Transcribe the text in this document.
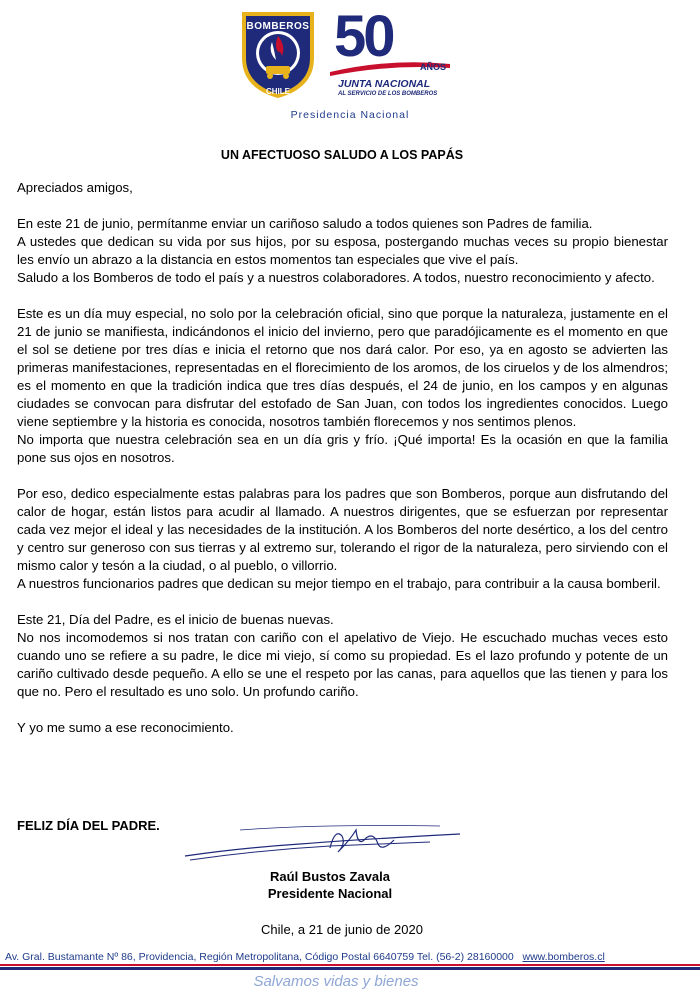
BOMBEROS
CHILE
50	AÑOS
JUNTA NACIONAL
AL SERVICIO DE LOS BOMBEROS
Presidencia Nacional
UN AFECTUOSO SALUDO A LOS PAPÁS

Apreciados amigos,

En este 21 de junio, permítanme enviar un cariñoso saludo a todos quienes son Padres de familia.
A ustedes que dedican su vida por sus hijos, por su esposa, postergando muchas veces su propio bienestar les envío un abrazo a la distancia en estos momentos tan especiales que vive el país.
Saludo a los Bomberos de todo el país y a nuestros colaboradores. A todos, nuestro reconocimiento y afecto.

Este es un día muy especial, no solo por la celebración oficial, sino que porque la naturaleza, justamente en el 21 de junio se manifiesta, indicándonos el inicio del invierno, pero que paradójicamente es el momento en que el sol se detiene por tres días e inicia el retorno que nos dará calor. Por eso, ya en agosto se advierten las primeras manifestaciones, representadas en el florecimiento de los aromos, de los ciruelos y de los almendros; es el momento en que la tradición indica que tres días después, el 24 de junio, en los campos y en algunas ciudades se convocan para disfrutar del estofado de San Juan, con todos los ingredientes conocidos. Luego viene septiembre y la historia es conocida, nosotros también florecemos y nos sentimos plenos.
No importa que nuestra celebración sea en un día gris y frío. ¡Qué importa! Es la ocasión en que la familia pone sus ojos en nosotros.

Por eso, dedico especialmente estas palabras para los padres que son Bomberos, porque aun disfrutando del calor de hogar, están listos para acudir al llamado. A nuestros dirigentes, que se esfuerzan por representar cada vez mejor el ideal y las necesidades de la institución. A los Bomberos del norte desértico, a los del centro y centro sur generoso con sus tierras y al extremo sur, tolerando el rigor de la naturaleza, pero sirviendo con el mismo calor y tesón a la ciudad, o al pueblo, o villorrio.
A nuestros funcionarios padres que dedican su mejor tiempo en el trabajo, para contribuir a la causa bomberil.

Este 21, Día del Padre, es el inicio de buenas nuevas.
No nos incomodemos si nos tratan con cariño con el apelativo de Viejo. He escuchado muchas veces esto cuando uno se refiere a su padre, le dice mi viejo, sí como su propiedad. Es el lazo profundo y potente de un cariño cultivado desde pequeño. A ello se une el respeto por las canas, para aquellos que las tienen y para los que no. Pero el resultado es uno solo. Un profundo cariño.

Y yo me sumo a ese reconocimiento.

FELIZ DÍA DEL PADRE.
Raúl Bustos Zavala
Presidente Nacional
Chile, a 21 de junio de 2020
Av. Gral. Bustamante Nº 86, Providencia, Región Metropolitana, Código Postal 6640759 Tel. (56-2) 28160000 www.bomberos.cl
Salvamos vidas y bienes
